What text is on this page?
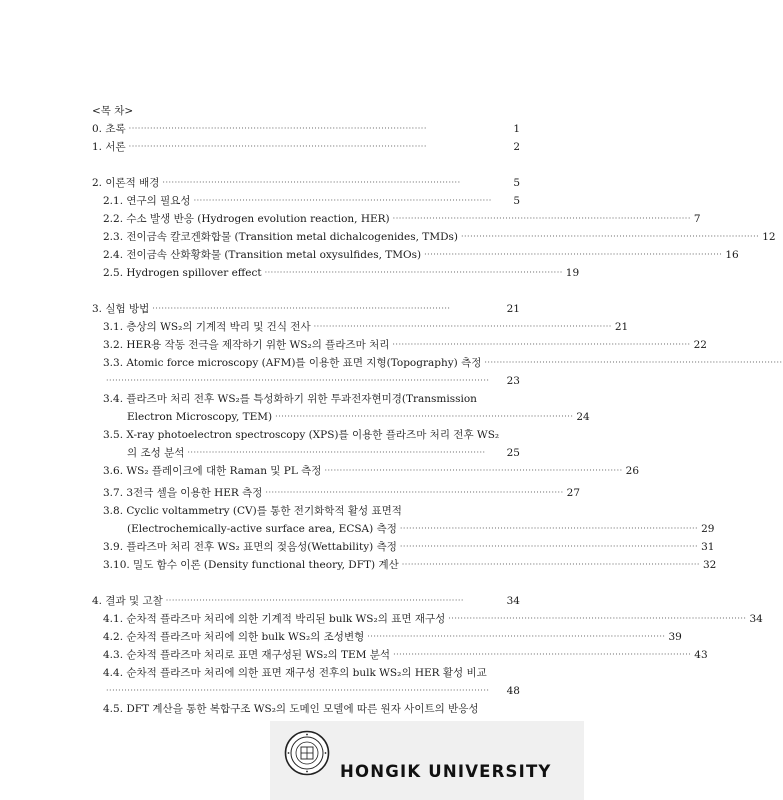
<목 차>
0. 초록 ··································································································	1
1. 서론 ··································································································	2
2. 이론적 배경 ··································································································	5
2.1. 연구의 필요성 ··································································································	5
2.2. 수소 발생 반응 (Hydrogen evolution reaction, HER) ·································································································· 7
2.3. 전이금속 칼코겐화합물 (Transition metal dichalcogenides, TMDs) ·································································································· 12
2.4. 전이금속 산화황화물 (Transition metal oxysulfides, TMOs) ·································································································· 16
2.5. Hydrogen spillover effect ·································································································· 19
3. 실험 방법 ··································································································	21
3.1. 층상의 WS₂의 기계적 박리 및 건식 전사 ·································································································· 21
3.2. HER용 작동 전극을 제작하기 위한 WS₂의 플라즈마 처리 ·································································································· 22
3.3. Atomic force microscopy (AFM)를 이용한 표면 지형(Topography) 측정 ··································································································
······························································································································	23
3.4. 플라즈마 처리 전후 WS₂를 특성화하기 위한 투과전자현미경(Transmission
Electron Microscopy, TEM) ·································································································· 24
3.5. X-ray photoelectron spectroscopy (XPS)를 이용한 플라즈마 처리 전후 WS₂
의 조성 분석 ··································································································	25
3.6. WS₂ 플레이크에 대한 Raman 및 PL 측정 ·································································································· 26
3.7. 3전극 셀을 이용한 HER 측정 ·································································································· 27
3.8. Cyclic voltammetry (CV)를 통한 전기화학적 활성 표면적
(Electrochemically-active surface area, ECSA) 측정 ·································································································· 29
3.9. 플라즈마 처리 전후 WS₂ 표면의 젖음성(Wettability) 측정 ·································································································· 31
3.10. 밀도 함수 이론 (Density functional theory, DFT) 계산 ·································································································· 32
4. 결과 및 고찰 ··································································································	34
4.1. 순차적 플라즈마 처리에 의한 기계적 박리된 bulk WS₂의 표면 재구성 ·································································································· 34
4.2. 순차적 플라즈마 처리에 의한 bulk WS₂의 조성변형 ·································································································· 39
4.3. 순차적 플라즈마 처리로 표면 재구성된 WS₂의 TEM 분석 ·································································································· 43
4.4. 순차적 플라즈마 처리에 의한 표면 재구성 전후의 bulk WS₂의 HER 활성 비교
······························································································································	48
4.5. DFT 계산을 통한 복합구조 WS₂의 도메인 모델에 따른 원자 사이트의 반응성
HONGIK UNIVERSITY
